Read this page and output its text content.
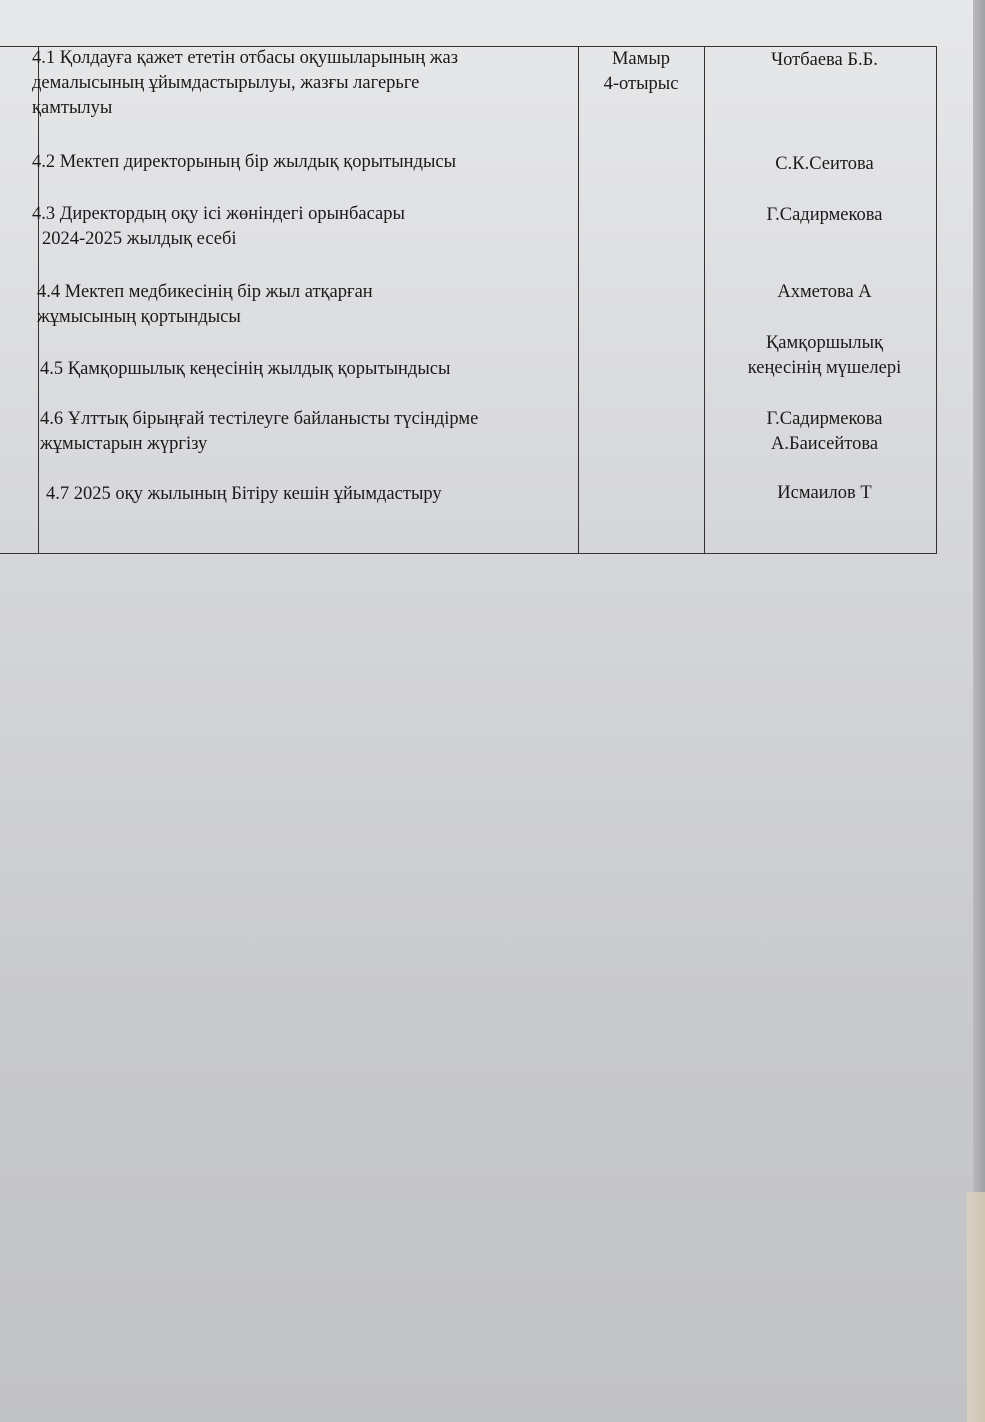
Мамыр
4-отырыс
4.1 Қолдауға қажет ететін отбасы оқушыларының жаз
демалысының ұйымдастырылуы, жазғы лагерьге
қамтылуы
Чотбаева Б.Б.
4.2 Мектеп директорының бір жылдық қорытындысы	С.К.Сеитова
4.3 Директордың оқу ісі жөніндегі орынбасары
2024-2025 жылдық есебі
Г.Садирмекова
4.4 Мектеп медбикесінің бір жыл атқарған
жұмысының қортындысы
Ахметова А
4.5 Қамқоршылық кеңесінің жылдық қорытындысы
Қамқоршылық
кеңесінің мүшелері
4.6 Ұлттық бірыңғай тестілеуге байланысты түсіндірме
жұмыстарын жүргізу
Г.Садирмекова
А.Баисейтова
4.7 2025 оқу жылының Бітіру кешін ұйымдастыру	Исмаилов Т
